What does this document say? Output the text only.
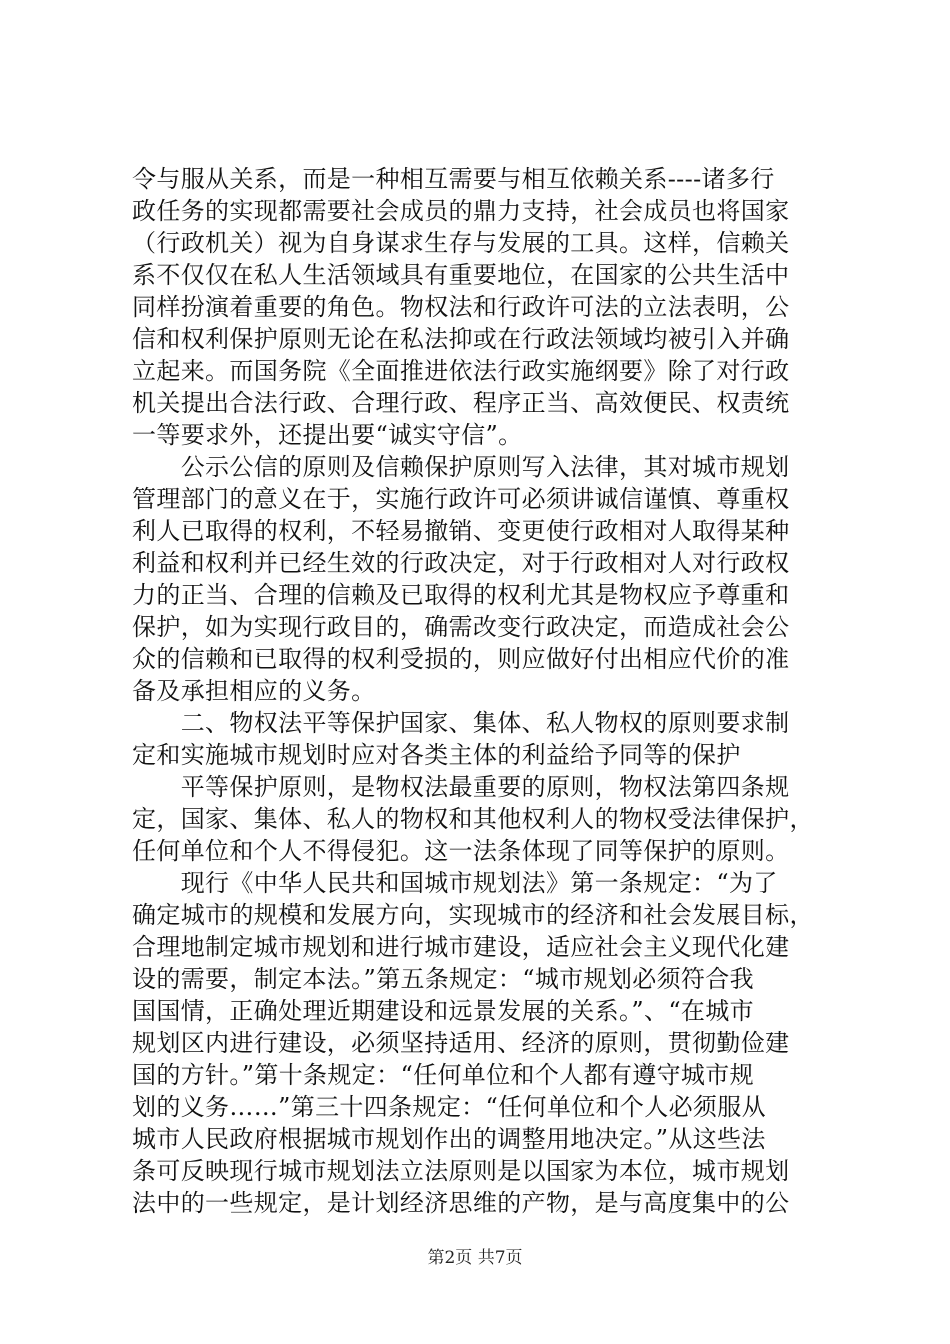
令与服从关系，而是一种相互需要与相互依赖关系----诸多行
政任务的实现都需要社会成员的鼎力支持，社会成员也将国家
（行政机关）视为自身谋求生存与发展的工具。这样，信赖关
系不仅仅在私人生活领域具有重要地位，在国家的公共生活中
同样扮演着重要的角色。物权法和行政许可法的立法表明，公
信和权利保护原则无论在私法抑或在行政法领域均被引入并确
立起来。而国务院《全面推进依法行政实施纲要》除了对行政
机关提出合法行政、合理行政、程序正当、高效便民、权责统
一等要求外，还提出要“诚实守信”。
　　公示公信的原则及信赖保护原则写入法律，其对城市规划
管理部门的意义在于，实施行政许可必须讲诚信谨慎、尊重权
利人已取得的权利，不轻易撤销、变更使行政相对人取得某种
利益和权利并已经生效的行政决定，对于行政相对人对行政权
力的正当、合理的信赖及已取得的权利尤其是物权应予尊重和
保护，如为实现行政目的，确需改变行政决定，而造成社会公
众的信赖和已取得的权利受损的，则应做好付出相应代价的准
备及承担相应的义务。
　　二、物权法平等保护国家、集体、私人物权的原则要求制
定和实施城市规划时应对各类主体的利益给予同等的保护
　　平等保护原则，是物权法最重要的原则，物权法第四条规
定，国家、集体、私人的物权和其他权利人的物权受法律保护，
任何单位和个人不得侵犯。这一法条体现了同等保护的原则。
　　现行《中华人民共和国城市规划法》第一条规定：“为了
确定城市的规模和发展方向，实现城市的经济和社会发展目标，
合理地制定城市规划和进行城市建设，适应社会主义现代化建
设的需要，制定本法。”第五条规定：“城市规划必须符合我
国国情，正确处理近期建设和远景发展的关系。”、“在城市
规划区内进行建设，必须坚持适用、经济的原则，贯彻勤俭建
国的方针。”第十条规定：“任何单位和个人都有遵守城市规
划的义务……”第三十四条规定：“任何单位和个人必须服从
城市人民政府根据城市规划作出的调整用地决定。”从这些法
条可反映现行城市规划法立法原则是以国家为本位，城市规划
法中的一些规定，是计划经济思维的产物，是与高度集中的公
第2页 共7页
